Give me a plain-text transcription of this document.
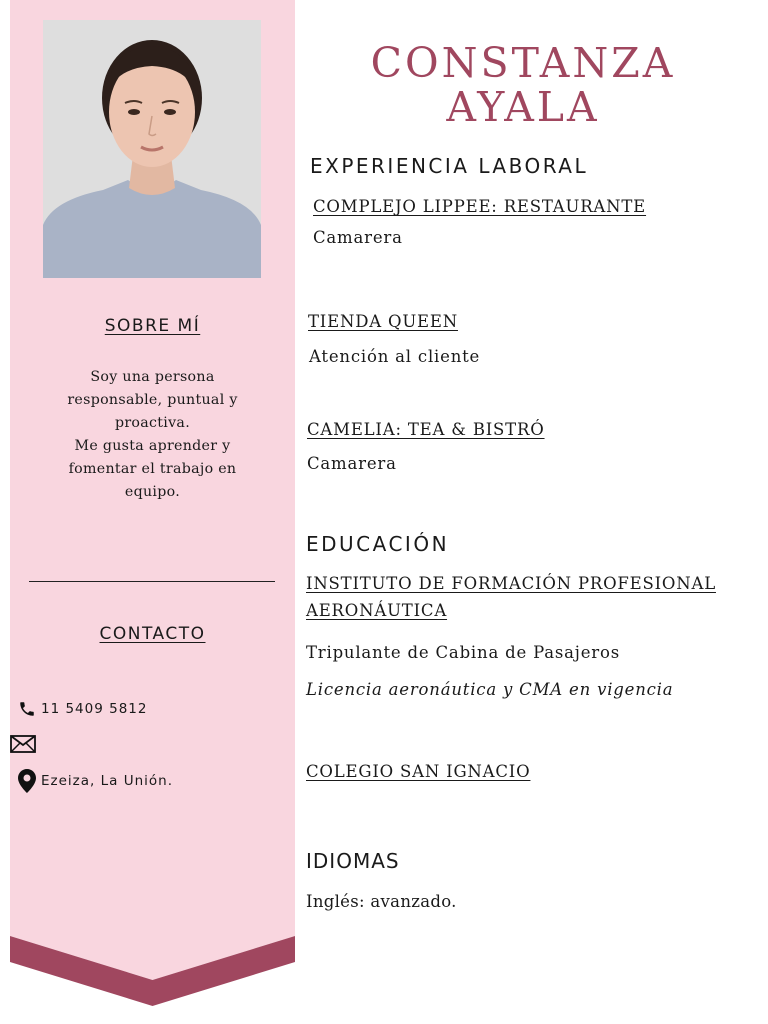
SOBRE MÍ
Soy una persona
responsable, puntual y
proactiva.
Me gusta aprender y
fomentar el trabajo en
equipo.
CONTACTO
11 5409 5812
Ezeiza, La Unión.
CONSTANZA
AYALA
EXPERIENCIA LABORAL
COMPLEJO LIPPEE: RESTAURANTE
Camarera
TIENDA QUEEN
Atención al cliente
CAMELIA: TEA & BISTRÓ
Camarera
EDUCACIÓN
INSTITUTO DE FORMACIÓN PROFESIONAL
AERONÁUTICA
Tripulante de Cabina de Pasajeros
Licencia aeronáutica y CMA en vigencia
COLEGIO SAN IGNACIO
IDIOMAS
Inglés: avanzado.
